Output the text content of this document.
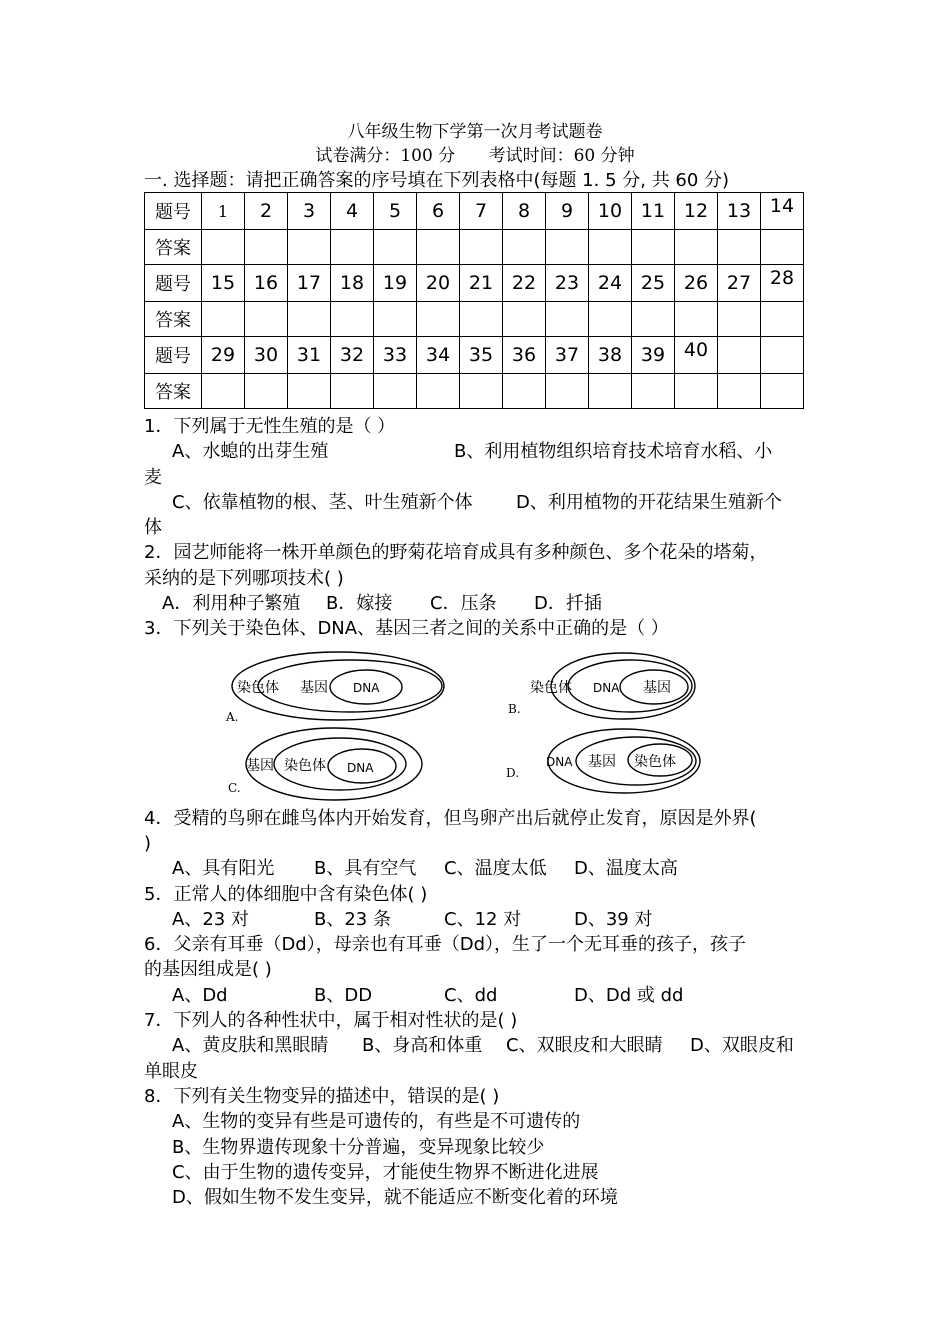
八年级生物下学第一次月考试题卷
试卷满分：100 分 考试时间：60 分钟
一. 选择题：请把正确答案的序号填在下列表格中(每题 1. 5 分, 共 60 分)
题号	1	2	3	4	5	6	7	8	9	10	11	12	13	14
答案														
题号	15	16	17	18	19	20	21	22	23	24	25	26	27	28
答案														
题号	29	30	31	32	33	34	35	36	37	38	39	40		
答案														

1．下列属于无性生殖的是（ ）

A、水螅的出芽生殖	B、利用植物组织培育技术培育水稻、小

麦

C、依靠植物的根、茎、叶生殖新个体 D、利用植物的开花结果生殖新个

体

2．园艺师能将一株开单颜色的野菊花培育成具有多种颜色、多个花朵的塔菊，

采纳的是下列哪项技术( )

A．利用种子繁殖 B．嫁接 C．压条 D．扦插

3．下列关于染色体、DNA、基因三者之间的关系中正确的是（ ）

染色体 基因 DNA
A.
染色体 DNA 基因
B.
基因 染色体 DNA
C.
DNA 基因 染色体
D.

4．受精的鸟卵在雌鸟体内开始发育，但鸟卵产出后就停止发育，原因是外界(

)

A、具有阳光 B、具有空气 C、温度太低 D、温度太高

5．正常人的体细胞中含有染色体( )

A、23 对	B、23 条	C、12 对	D、39 对

6．父亲有耳垂（Dd），母亲也有耳垂（Dd），生了一个无耳垂的孩子，孩子

的基因组成是( )

A、Dd	B、DD	C、dd	D、Dd 或 dd

7．下列人的各种性状中，属于相对性状的是( )

A、黄皮肤和黑眼睛 B、身高和体重 C、双眼皮和大眼睛 D、双眼皮和

单眼皮

8．下列有关生物变异的描述中，错误的是( )

A、生物的变异有些是可遗传的，有些是不可遗传的

B、生物界遗传现象十分普遍，变异现象比较少

C、由于生物的遗传变异，才能使生物界不断进化进展

D、假如生物不发生变异，就不能适应不断变化着的环境
